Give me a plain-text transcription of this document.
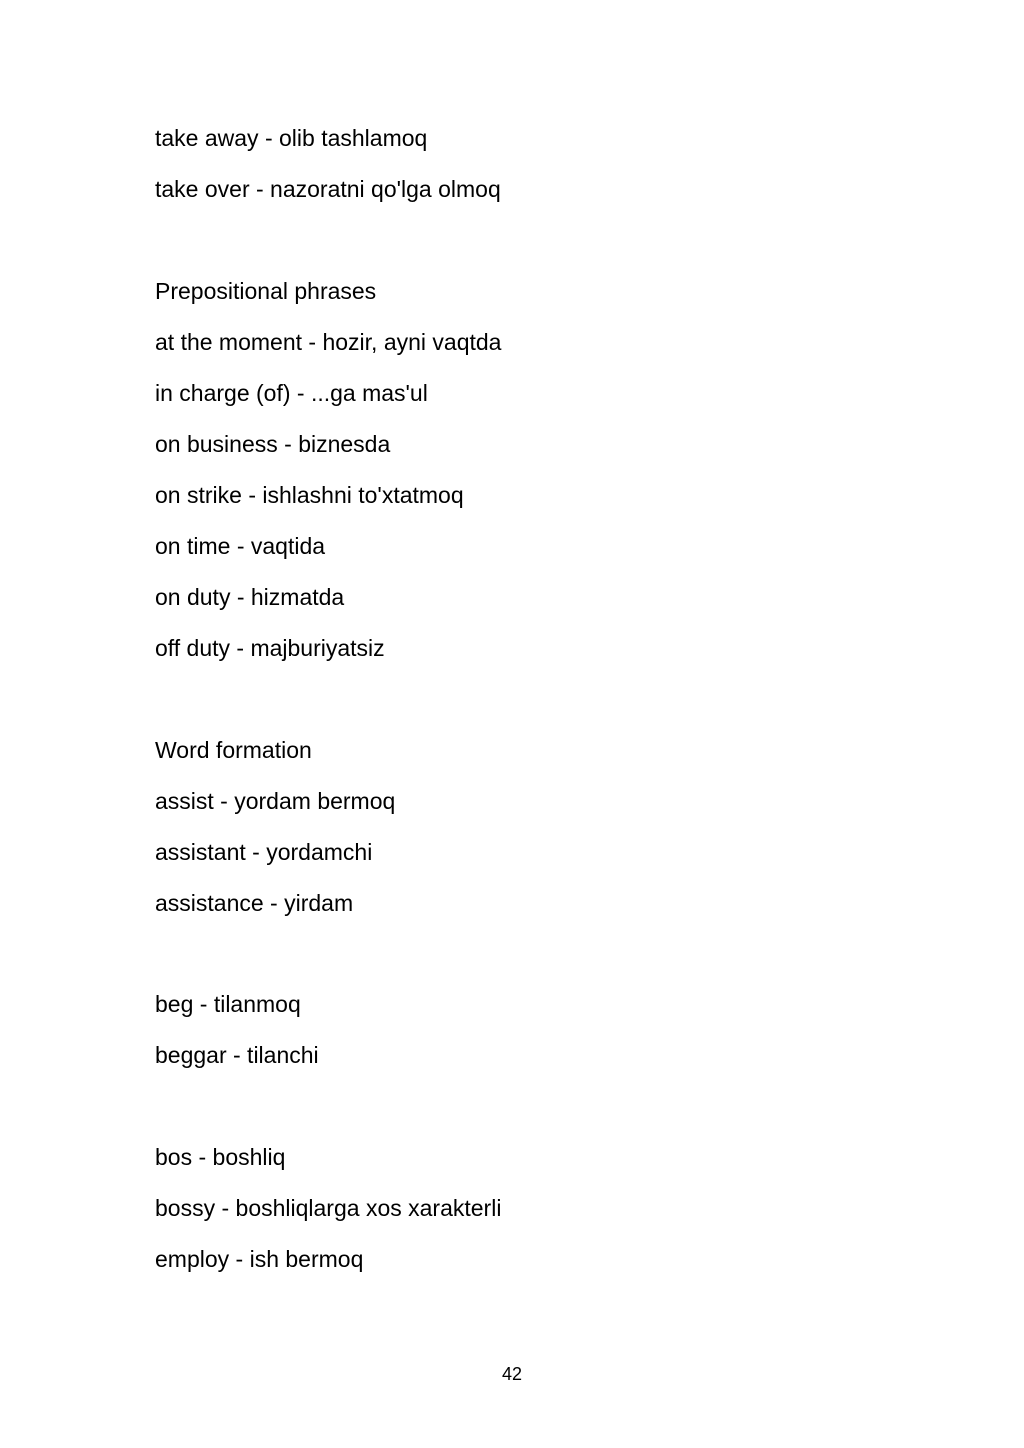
take away - olib tashlamoq
take over - nazoratni qo'lga olmoq
Prepositional phrases
at the moment - hozir, ayni vaqtda
in charge (of) - ...ga mas'ul
on business - biznesda
on strike - ishlashni to'xtatmoq
on time - vaqtida
on duty - hizmatda
off duty - majburiyatsiz
Word formation
assist - yordam bermoq
assistant - yordamchi
assistance - yirdam
beg - tilanmoq
beggar - tilanchi
bos - boshliq
bossy - boshliqlarga xos xarakterli
employ - ish bermoq
42
